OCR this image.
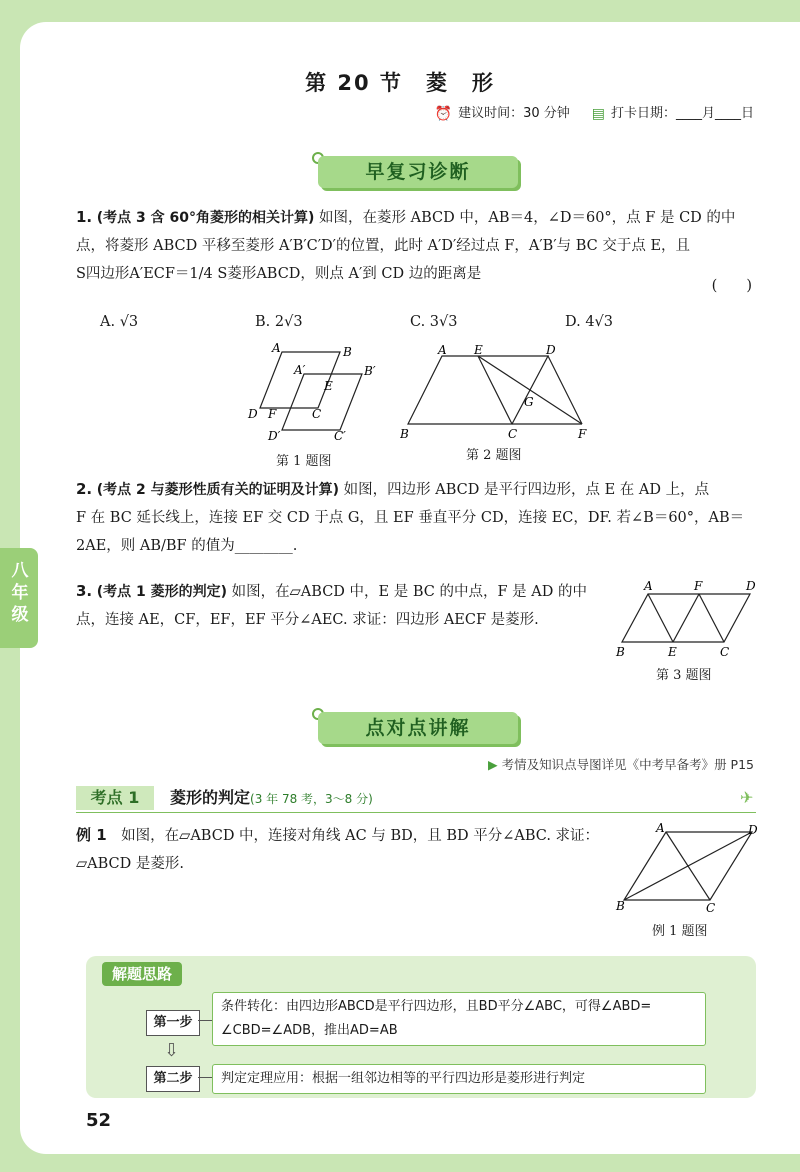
八年级
第 20 节　菱　形
⏰ 建议时间：30 分钟 ▤ 打卡日期：____月____日
早复习诊断
1. (考点 3 含 60°角菱形的相关计算) 如图，在菱形 ABCD 中，AB＝4，∠D＝60°，点 F 是 CD 的中
点，将菱形 ABCD 平移至菱形 A′B′C′D′的位置，此时 A′D′经过点 F，A′B′与 BC 交于点 E，且
S四边形A′ECF＝1/4 S菱形ABCD，则点 A′到 CD 边的距离是
(　　)
A. √3	B. 2√3	C. 3√3	D. 4√3
A	B
A′	B′
E
D F	C
D′	C′
第 1 题图
A E	D
G
B	C	F
第 2 题图
2. (考点 2 与菱形性质有关的证明及计算) 如图，四边形 ABCD 是平行四边形，点 E 在 AD 上，点
F 在 BC 延长线上，连接 EF 交 CD 于点 G，且 EF 垂直平分 CD，连接 EC，DF. 若∠B＝60°，AB＝
2AE，则 AB/BF 的值为________.
3. (考点 1 菱形的判定) 如图，在▱ABCD 中，E 是 BC 的中点，F 是 AD 的中
点，连接 AE，CF，EF，EF 平分∠AEC. 求证：四边形 AECF 是菱形.
A	F	D
B	E	C
第 3 题图
点对点讲解
▶ 考情及知识点导图详见《中考早备考》册 P15
考点 1	菱形的判定(3 年 78 考，3～8 分)	✈
例 1　 如图，在▱ABCD 中，连接对角线 AC 与 BD，且 BD 平分∠ABC. 求证：
▱ABCD 是菱形.
A	D
B	C
例 1 题图
解题思路
第一步
条件转化：由四边形ABCD是平行四边形，且BD平分∠ABC，可得∠ABD=
∠CBD=∠ADB，推出AD=AB
⇩
第二步	判定定理应用：根据一组邻边相等的平行四边形是菱形进行判定
52
